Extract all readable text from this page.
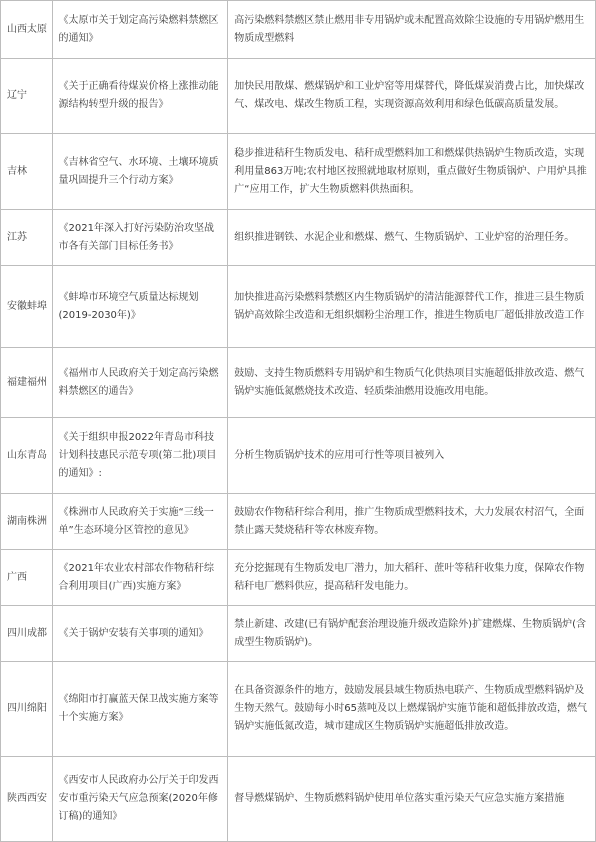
山西太原	《太原市关于划定高污染燃料禁燃区的通知》	高污染燃料禁燃区禁止燃用非专用锅炉或未配置高效除尘设施的专用锅炉燃用生物质成型燃料

辽宁	《关于正确看待煤炭价格上涨推动能源结构转型升级的报告》	加快民用散煤、燃煤锅炉和工业炉窑等用煤替代，降低煤炭消费占比，加快煤改气、煤改电、煤改生物质工程，实现资源高效利用和绿色低碳高质量发展。

吉林	《吉林省空气、水环境、土壤环境质量巩固提升三个行动方案》	稳步推进秸秆生物质发电、秸秆成型燃料加工和燃煤供热锅炉生物质改造，实现利用量863万吨;农村地区按照就地取材原则，重点做好生物质锅炉、户用炉具推广“应用工作，扩大生物质燃料供热面积。

江苏	《2021年深入打好污染防治攻坚战市各有关部门目标任务书》	组织推进钢铁、水泥企业和燃煤、燃气、生物质锅炉、工业炉窑的治理任务。

安徽蚌埠	《蚌埠市环境空气质量达标规划(2019-2030年)》	加快推进高污染燃料禁燃区内生物质锅炉的清洁能源替代工作，推进三县生物质锅炉高效除尘改造和无组织烟粉尘治理工作，推进生物质电厂超低排放改造工作

福建福州	《福州市人民政府关于划定高污染燃料禁燃区的通告》	鼓励、支持生物质燃料专用锅炉和生物质气化供热项目实施超低排放改造、燃气锅炉实施低氮燃烧技术改造、轻质柴油燃用设施改用电能。

山东青岛	《关于组织申报2022年青岛市科技计划科技惠民示范专项(第二批)项目的通知》:	分析生物质锅炉技术的应用可行性等项目被列入

湖南株洲	《株洲市人民政府关于实施“三线一单”生态环境分区管控的意见》	鼓励农作物秸秆综合利用，推广生物质成型燃料技术，大力发展农村沼气，全面禁止露天焚烧秸秆等农林废弃物。

广西	《2021年农业农村部农作物秸秆综合利用项目(广西)实施方案》	充分挖掘现有生物质发电厂潜力，加大稻秆、蔗叶等秸秆收集力度，保障农作物秸秆电厂燃料供应，提高秸秆发电能力。

四川成都	《关于锅炉安装有关事项的通知》	禁止新建、改建(已有锅炉配套治理设施升级改造除外)扩建燃煤、生物质锅炉(含成型生物质锅炉)。

四川绵阳	《绵阳市打赢蓝天保卫战实施方案等十个实施方案》	在具备资源条件的地方，鼓励发展县域生物质热电联产、生物质成型燃料锅炉及生物天然气。鼓励每小时65蒸吨及以上燃煤锅炉实施节能和超低排放改造，燃气锅炉实施低氮改造，城市建成区生物质锅炉实施超低排放改造。

陕西西安	《西安市人民政府办公厅关于印发西安市重污染天气应急预案(2020年修订稿)的通知》	督导燃煤锅炉、生物质燃料锅炉使用单位落实重污染天气应急实施方案措施
